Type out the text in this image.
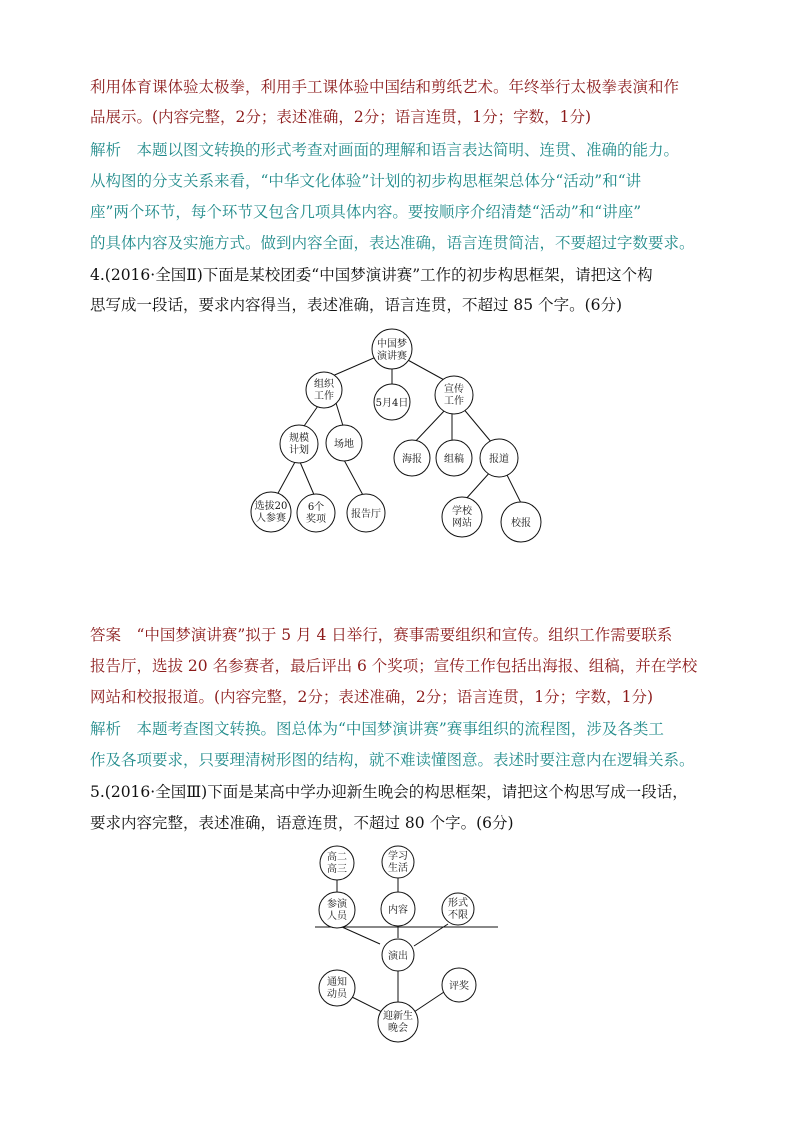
利用体育课体验太极拳，利用手工课体验中国结和剪纸艺术。年终举行太极拳表演和作
品展示。(内容完整，2分；表述准确，2分；语言连贯，1分；字数，1分)
解析　本题以图文转换的形式考查对画面的理解和语言表达简明、连贯、准确的能力。
从构图的分支关系来看，“中华文化体验”计划的初步构思框架总体分“活动”和“讲
座”两个环节，每个环节又包含几项具体内容。要按顺序介绍清楚“活动”和“讲座”
的具体内容及实施方式。做到内容全面，表达准确，语言连贯简洁，不要超过字数要求。
4.(2016·全国Ⅱ)下面是某校团委“中国梦演讲赛”工作的初步构思框架，请把这个构
思写成一段话，要求内容得当，表述准确，语言连贯，不超过 85 个字。(6分)
中国梦
演讲赛
组织
工作
5月4日
宣传
工作
规模
计划
场地
选拔20
人参赛
6个
奖项	报告厅
海报 组稿	报道
学校
网站	校报
答案　“中国梦演讲赛”拟于 5 月 4 日举行，赛事需要组织和宣传。组织工作需要联系
报告厅，选拔 20 名参赛者，最后评出 6 个奖项；宣传工作包括出海报、组稿，并在学校
网站和校报报道。(内容完整，2分；表述准确，2分；语言连贯，1分；字数，1分)
解析　本题考查图文转换。图总体为“中国梦演讲赛”赛事组织的流程图，涉及各类工
作及各项要求，只要理清树形图的结构，就不难读懂图意。表述时要注意内在逻辑关系。
5.(2016·全国Ⅲ)下面是某高中学办迎新生晚会的构思框架，请把这个构思写成一段话，
要求内容完整，表述准确，语意连贯，不超过 80 个字。(6分)
高二
高三
学习
生活
参演
人员
内容
形式
不限
演出
通知
动员
评奖
迎新生
晚会
